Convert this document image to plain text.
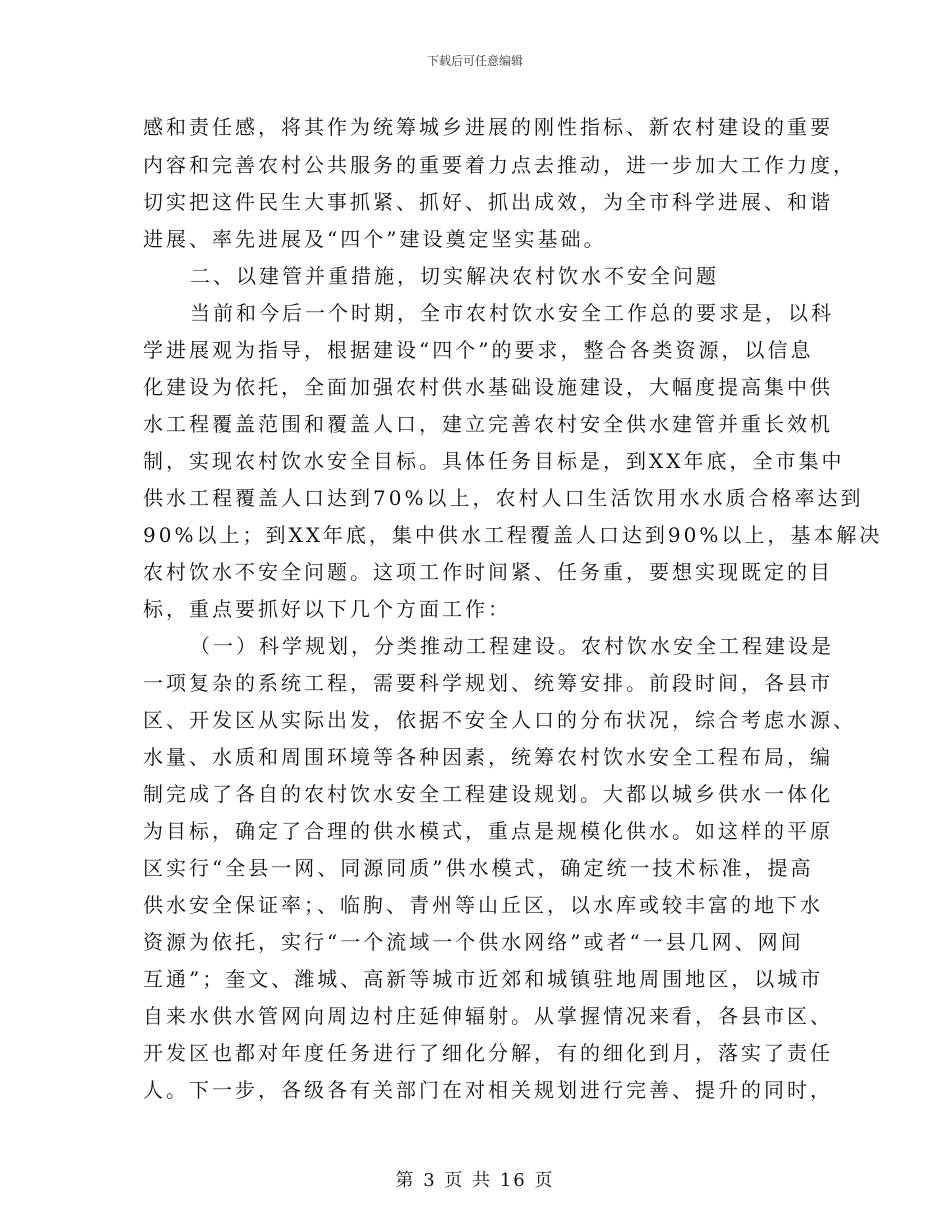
下载后可任意编辑
感和责任感，将其作为统筹城乡进展的刚性指标、新农村建设的重要
内容和完善农村公共服务的重要着力点去推动，进一步加大工作力度，
切实把这件民生大事抓紧、抓好、抓出成效，为全市科学进展、和谐
进展、率先进展及“四个”建设奠定坚实基础。
二、以建管并重措施，切实解决农村饮水不安全问题
当前和今后一个时期，全市农村饮水安全工作总的要求是，以科
学进展观为指导，根据建设“四个”的要求，整合各类资源，以信息
化建设为依托，全面加强农村供水基础设施建设，大幅度提高集中供
水工程覆盖范围和覆盖人口，建立完善农村安全供水建管并重长效机
制，实现农村饮水安全目标。具体任务目标是，到XX年底，全市集中
供水工程覆盖人口达到70%以上，农村人口生活饮用水水质合格率达到
90%以上；到XX年底，集中供水工程覆盖人口达到90%以上，基本解决
农村饮水不安全问题。这项工作时间紧、任务重，要想实现既定的目
标，重点要抓好以下几个方面工作：
（一）科学规划，分类推动工程建设。农村饮水安全工程建设是
一项复杂的系统工程，需要科学规划、统筹安排。前段时间，各县市
区、开发区从实际出发，依据不安全人口的分布状况，综合考虑水源、
水量、水质和周围环境等各种因素，统筹农村饮水安全工程布局，编
制完成了各自的农村饮水安全工程建设规划。大都以城乡供水一体化
为目标，确定了合理的供水模式，重点是规模化供水。如这样的平原
区实行“全县一网、同源同质”供水模式，确定统一技术标准，提高
供水安全保证率；、临朐、青州等山丘区，以水库或较丰富的地下水
资源为依托，实行“一个流域一个供水网络”或者“一县几网、网间
互通”；奎文、潍城、高新等城市近郊和城镇驻地周围地区，以城市
自来水供水管网向周边村庄延伸辐射。从掌握情况来看，各县市区、
开发区也都对年度任务进行了细化分解，有的细化到月，落实了责任
人。下一步，各级各有关部门在对相关规划进行完善、提升的同时，
第 3 页 共 16 页
